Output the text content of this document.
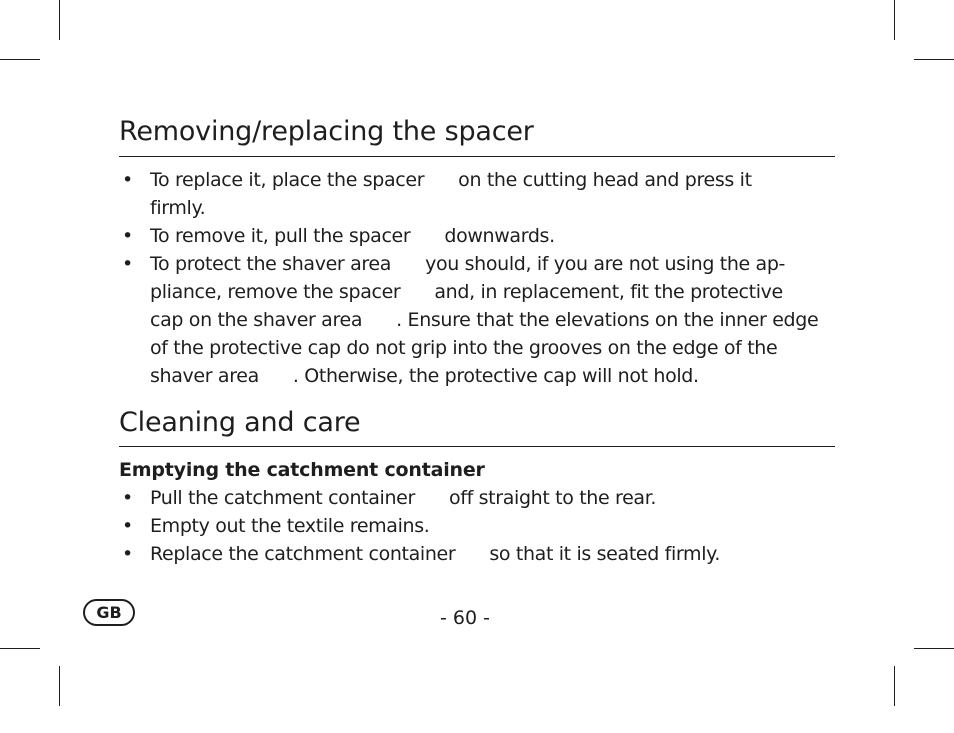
Removing/replacing the spacer
• To replace it, place the spacer on the cutting head and press it
firmly.
• To remove it, pull the spacer downwards.
• To protect the shaver area you should, if you are not using the ap-
pliance, remove the spacer and, in replacement, fit the protective
cap on the shaver area . Ensure that the elevations on the inner edge
of the protective cap do not grip into the grooves on the edge of the
shaver area . Otherwise, the protective cap will not hold.
Cleaning and care
Emptying the catchment container
• Pull the catchment container off straight to the rear.
• Empty out the textile remains.
• Replace the catchment container so that it is seated firmly.
GB	- 60 -
